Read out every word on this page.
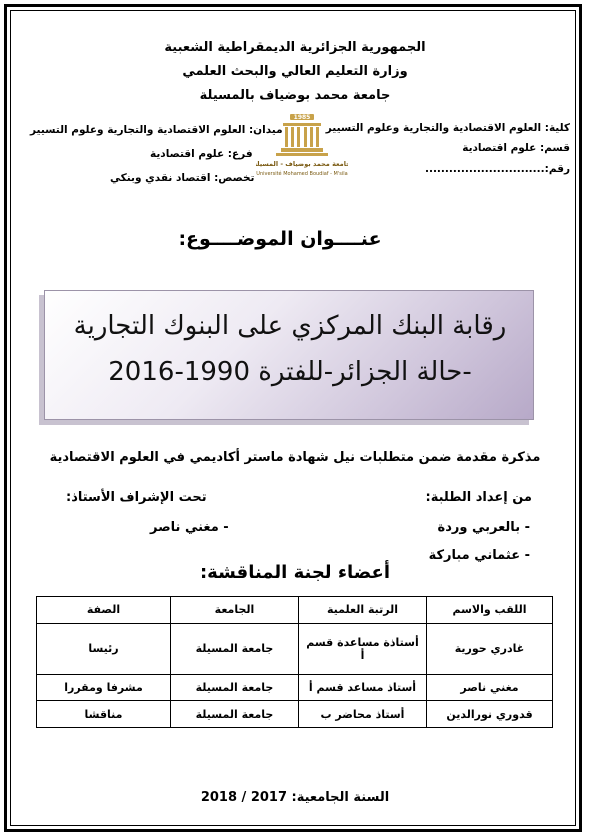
الجمهورية الجزائرية الديمقراطية الشعبية
وزارة التعليم العالي والبحث العلمي
جامعة محمد بوضياف بالمسيلة
كلية: العلوم الاقتصادية والتجارية وعلوم التسيير
قسم: علوم اقتصادية
رقم:..............................
ميدان: العلوم الاقتصادية والتجارية وعلوم التسيير
فرع: علوم اقتصادية
تخصص: اقتصاد نقدي وبنكي
1985
جامعة محمد بوضياف - المسيلة
Université Mohamed Boudiaf - M'sila
عنــــوان الموضــــوع:
رقابة البنك المركزي على البنوك التجارية
-حالة الجزائر-للفترة 1990-2016
مذكرة مقدمة ضمن متطلبات نيل شهادة ماستر أكاديمي في العلوم الاقتصادية
من إعداد الطلبة:
- بالعربي وردة
- عثماني مباركة
تحت الإشراف الأستاذ:
- مغني ناصر
أعضاء لجنة المناقشة:
اللقب والاسم	الرتبة العلمية	الجامعة	الصفة
غادري حورية	أستاذة مساعدة قسم أ	جامعة المسيلة	رئيسا
مغني ناصر	أستاذ مساعد قسم أ	جامعة المسيلة	مشرفا ومقررا
قدوري نورالدين	أستاذ محاضر ب	جامعة المسيلة	مناقشا
السنة الجامعية: 2017 / 2018
